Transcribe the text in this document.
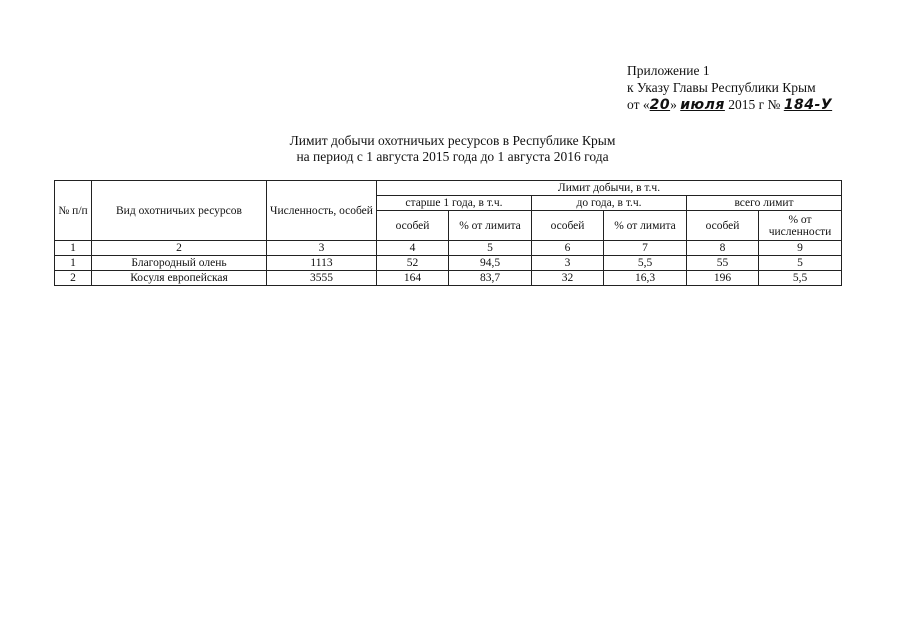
Приложение 1
к Указу Главы Республики Крым
от «20» июля 2015 г № 184-У
Лимит добычи охотничьих ресурсов в Республике Крым
на период с 1 августа 2015 года до 1 августа 2016 года
№ п/п	Вид охотничьих ресурсов	Численность, особей	Лимит добычи, в т.ч.					
			старше 1 года, в т.ч.		до года, в т.ч.		всего лимит	
			особей	% от лимита	особей	% от лимита	особей	% от численности
1	2	3	4	5	6	7	8	9
1	Благородный олень	1113	52	94,5	3	5,5	55	5
2	Косуля европейская	3555	164	83,7	32	16,3	196	5,5
